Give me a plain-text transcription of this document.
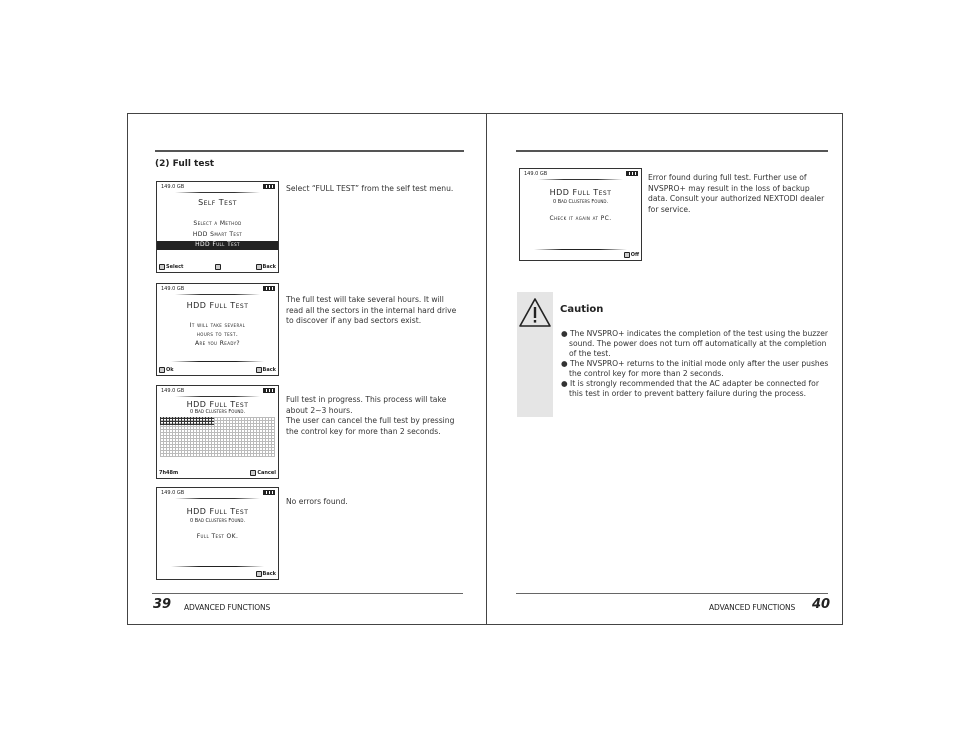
(2) Full test
149.0 GB
Self Test
Select a Method
HDD Smart Test
HDD Full Test
Select	Back
Select “FULL TEST” from the self test menu.
149.0 GB
HDD Full Test
It will take several
hours to test.
Are you Ready?
Ok	Back
The full test will take several hours. It will read all the sectors in the internal hard drive to discover if any bad sectors exist.
149.0 GB
HDD Full Test
0 Bad Clusters Found.
7h48m	Cancel
Full test in progress. This process will take about 2~3 hours.
The user can cancel the full test by pressing the control key for more than 2 seconds.
149.0 GB
HDD Full Test
0 Bad Clusters Found.
Full Test OK.
Back
No errors found.
39 ADVANCED FUNCTIONS
149.0 GB
HDD Full Test
0 Bad Clusters Found.
Check it again at PC.
Off
Error found during full test. Further use of NVSPRO+ may result in the loss of backup data. Consult your authorized NEXTODI dealer for service.
Caution
● The NVSPRO+ indicates the completion of the test using the buzzer sound. The power does not turn off automatically at the completion of the test.
● The NVSPRO+ returns to the initial mode only after the user pushes the control key for more than 2 seconds.
● It is strongly recommended that the AC adapter be connected for this test in order to prevent battery failure during the process.
ADVANCED FUNCTIONS 40
